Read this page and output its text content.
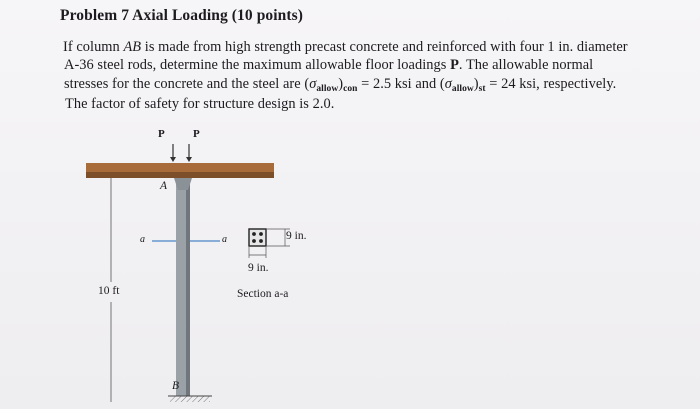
Problem 7 Axial Loading (10 points)
If column AB is made from high strength precast concrete and reinforced with four 1 in. diameter
A-36 steel rods, determine the maximum allowable floor loadings P. The allowable normal
stresses for the concrete and the steel are $(\sigma_{allow})_{con} = 2.5$ ksi and $(\sigma_{allow})_{st} = 24$ ksi, respectively.
The factor of safety for structure design is 2.0.
P	P
A
a	a
10 ft
B
9 in.
9 in.
Section a-a
